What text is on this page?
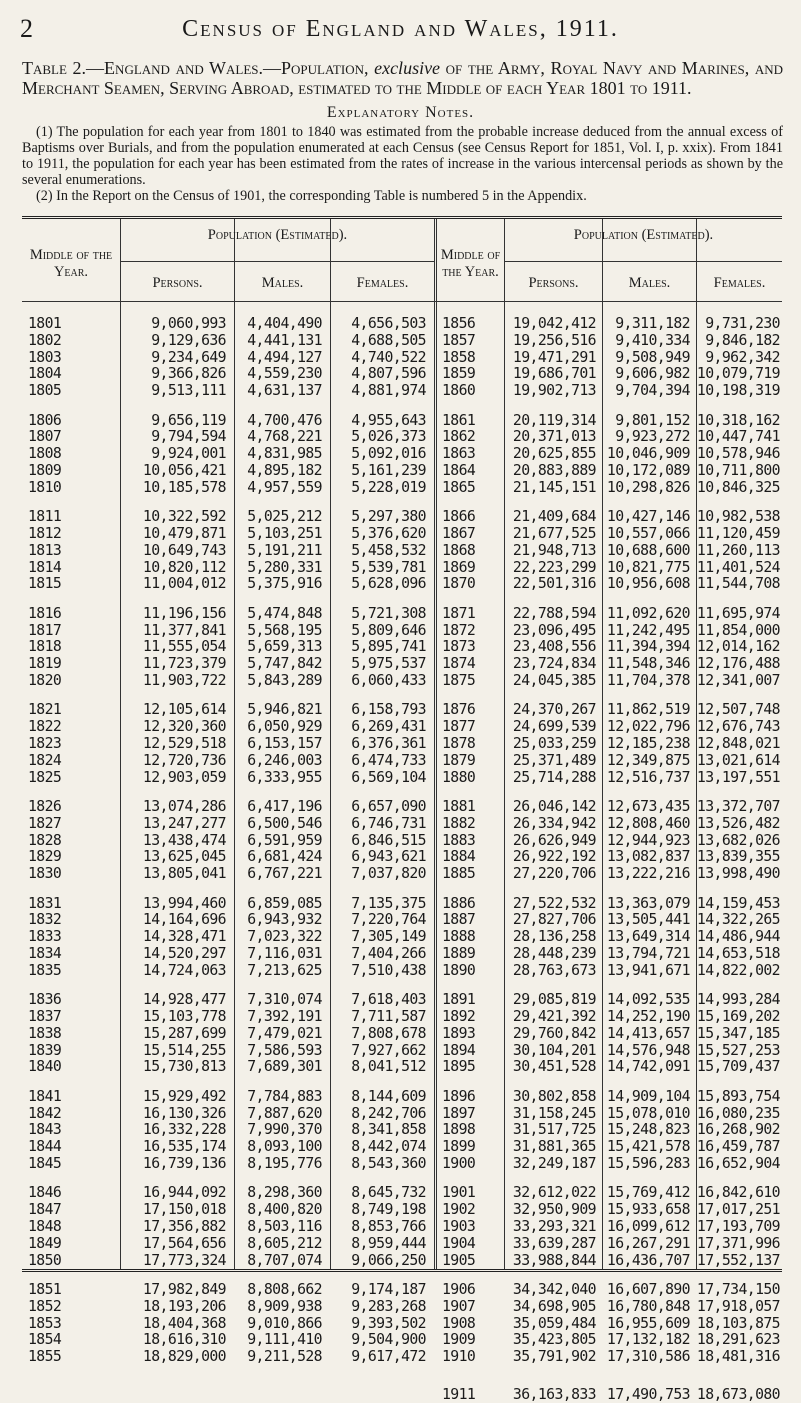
2	Census of England and Wales, 1911.
Table 2.—England and Wales.—Population, exclusive of the Army, Royal Navy and Marines, and Merchant Seamen, Serving Abroad, estimated to the Middle of each Year 1801 to 1911.
Explanatory Notes.

(1) The population for each year from 1801 to 1840 was estimated from the probable increase deduced from the annual excess of Baptisms over Burials, and from the population enumerated at each Census (see Census Report for 1851, Vol. I, p. xxix). From 1841 to 1911, the population for each year has been estimated from the rates of increase in the various intercensal periods as shown by the several enumerations.

(2) In the Report on the Census of 1901, the corresponding Table is numbered 5 in the Appendix.

Middle of the Year.
Population (Estimated).
Persons.	Males.	Females.
Middle of the Year.
Population (Estimated).
Persons.	Males.	Females.
1801	9,060,993 4,404,490 4,656,503
1802	9,129,636 4,441,131 4,688,505
1803	9,234,649 4,494,127 4,740,522
1804	9,366,826 4,559,230 4,807,596
1805	9,513,111 4,631,137 4,881,974
1806	9,656,119 4,700,476 4,955,643
1807	9,794,594 4,768,221 5,026,373
1808	9,924,001 4,831,985 5,092,016
1809	10,056,421 4,895,182 5,161,239
1810	10,185,578 4,957,559 5,228,019
1811	10,322,592 5,025,212 5,297,380
1812	10,479,871 5,103,251 5,376,620
1813	10,649,743 5,191,211 5,458,532
1814	10,820,112 5,280,331 5,539,781
1815	11,004,012 5,375,916 5,628,096
1816	11,196,156 5,474,848 5,721,308
1817	11,377,841 5,568,195 5,809,646
1818	11,555,054 5,659,313 5,895,741
1819	11,723,379 5,747,842 5,975,537
1820	11,903,722 5,843,289 6,060,433
1821	12,105,614 5,946,821 6,158,793
1822	12,320,360 6,050,929 6,269,431
1823	12,529,518 6,153,157 6,376,361
1824	12,720,736 6,246,003 6,474,733
1825	12,903,059 6,333,955 6,569,104
1826	13,074,286 6,417,196 6,657,090
1827	13,247,277 6,500,546 6,746,731
1828	13,438,474 6,591,959 6,846,515
1829	13,625,045 6,681,424 6,943,621
1830	13,805,041 6,767,221 7,037,820
1831	13,994,460 6,859,085 7,135,375
1832	14,164,696 6,943,932 7,220,764
1833	14,328,471 7,023,322 7,305,149
1834	14,520,297 7,116,031 7,404,266
1835	14,724,063 7,213,625 7,510,438
1836	14,928,477 7,310,074 7,618,403
1837	15,103,778 7,392,191 7,711,587
1838	15,287,699 7,479,021 7,808,678
1839	15,514,255 7,586,593 7,927,662
1840	15,730,813 7,689,301 8,041,512
1841	15,929,492 7,784,883 8,144,609
1842	16,130,326 7,887,620 8,242,706
1843	16,332,228 7,990,370 8,341,858
1844	16,535,174 8,093,100 8,442,074
1845	16,739,136 8,195,776 8,543,360
1846	16,944,092 8,298,360 8,645,732
1847	17,150,018 8,400,820 8,749,198
1848	17,356,882 8,503,116 8,853,766
1849	17,564,656 8,605,212 8,959,444
1850	17,773,324 8,707,074 9,066,250
1851	17,982,849 8,808,662 9,174,187
1852	18,193,206 8,909,938 9,283,268
1853	18,404,368 9,010,866 9,393,502
1854	18,616,310 9,111,410 9,504,900
1855	18,829,000 9,211,528 9,617,472
1856	19,042,412 9,311,182 9,731,230
1857	19,256,516 9,410,334 9,846,182
1858	19,471,291 9,508,949 9,962,342
1859	19,686,701 9,606,982 10,079,719
1860	19,902,713 9,704,394 10,198,319
1861	20,119,314 9,801,152 10,318,162
1862	20,371,013 9,923,272 10,447,741
1863	20,625,855 10,046,909 10,578,946
1864	20,883,889 10,172,089 10,711,800
1865	21,145,151 10,298,826 10,846,325
1866	21,409,684 10,427,146 10,982,538
1867	21,677,525 10,557,066 11,120,459
1868	21,948,713 10,688,600 11,260,113
1869	22,223,299 10,821,775 11,401,524
1870	22,501,316 10,956,608 11,544,708
1871	22,788,594 11,092,620 11,695,974
1872	23,096,495 11,242,495 11,854,000
1873	23,408,556 11,394,394 12,014,162
1874	23,724,834 11,548,346 12,176,488
1875	24,045,385 11,704,378 12,341,007
1876	24,370,267 11,862,519 12,507,748
1877	24,699,539 12,022,796 12,676,743
1878	25,033,259 12,185,238 12,848,021
1879	25,371,489 12,349,875 13,021,614
1880	25,714,288 12,516,737 13,197,551
1881	26,046,142 12,673,435 13,372,707
1882	26,334,942 12,808,460 13,526,482
1883	26,626,949 12,944,923 13,682,026
1884	26,922,192 13,082,837 13,839,355
1885	27,220,706 13,222,216 13,998,490
1886	27,522,532 13,363,079 14,159,453
1887	27,827,706 13,505,441 14,322,265
1888	28,136,258 13,649,314 14,486,944
1889	28,448,239 13,794,721 14,653,518
1890	28,763,673 13,941,671 14,822,002
1891	29,085,819 14,092,535 14,993,284
1892	29,421,392 14,252,190 15,169,202
1893	29,760,842 14,413,657 15,347,185
1894	30,104,201 14,576,948 15,527,253
1895	30,451,528 14,742,091 15,709,437
1896	30,802,858 14,909,104 15,893,754
1897	31,158,245 15,078,010 16,080,235
1898	31,517,725 15,248,823 16,268,902
1899	31,881,365 15,421,578 16,459,787
1900	32,249,187 15,596,283 16,652,904
1901	32,612,022 15,769,412 16,842,610
1902	32,950,909 15,933,658 17,017,251
1903	33,293,321 16,099,612 17,193,709
1904	33,639,287 16,267,291 17,371,996
1905	33,988,844 16,436,707 17,552,137
1906	34,342,040 16,607,890 17,734,150
1907	34,698,905 16,780,848 17,918,057
1908	35,059,484 16,955,609 18,103,875
1909	35,423,805 17,132,182 18,291,623
1910	35,791,902 17,310,586 18,481,316
1911	36,163,833 17,490,753 18,673,080
